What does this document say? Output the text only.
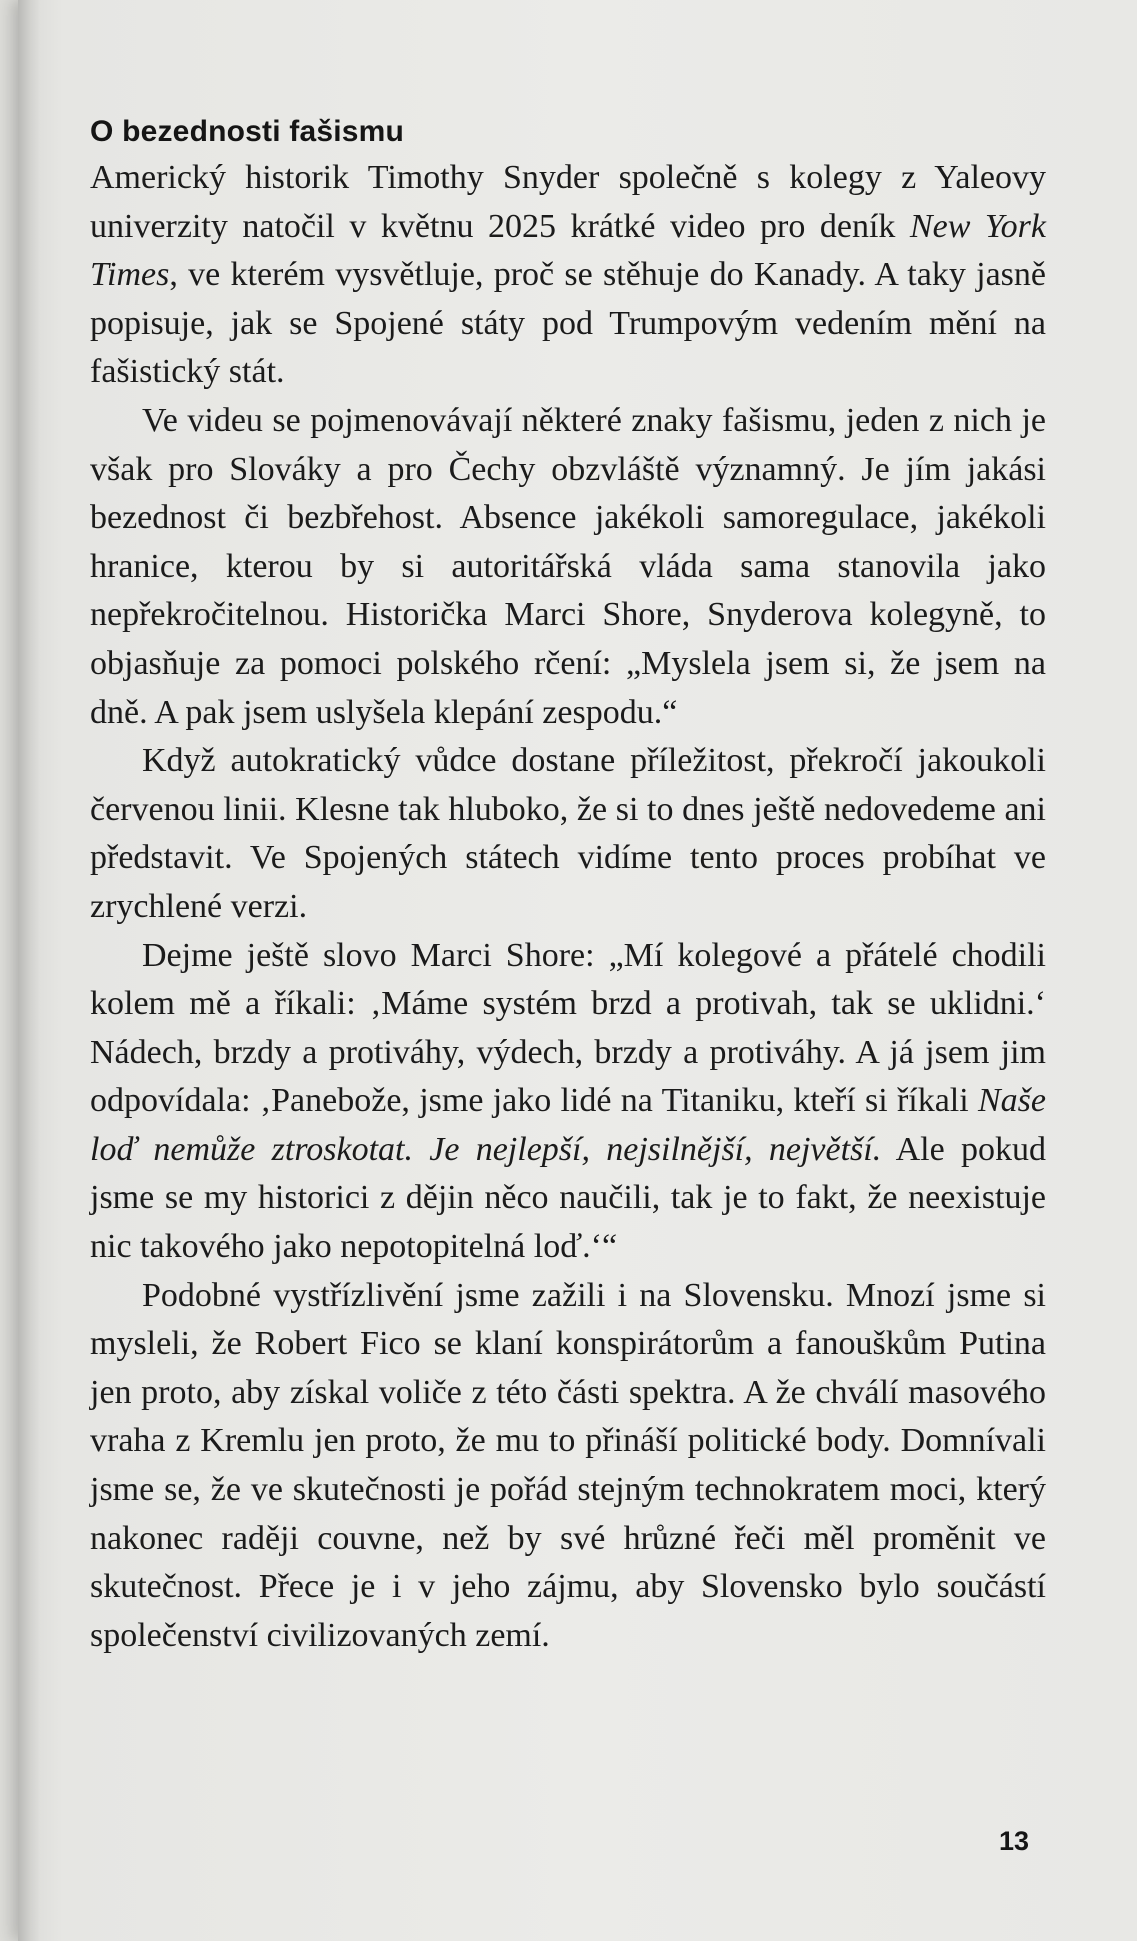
O bezednosti fašismu

Americký historik Timothy Snyder společně s kolegy z Yaleovy univerzity natočil v květnu 2025 krátké video pro deník New York Times, ve kterém vysvětluje, proč se stěhuje do Kanady. A taky jasně popisuje, jak se Spojené státy pod Trumpovým vedením mění na fašistický stát.

Ve videu se pojmenovávají některé znaky fašismu, jeden z nich je však pro Slováky a pro Čechy obzvláště významný. Je jím jakási bezednost či bezbřehost. Absence jakékoli samoregulace, jakékoli hranice, kterou by si autoritářská vláda sama stanovila jako nepřekročitelnou. Historička Marci Shore, Snyderova kolegyně, to objasňuje za pomoci polského rčení: „Myslela jsem si, že jsem na dně. A pak jsem uslyšela klepání zespodu.“

Když autokratický vůdce dostane příležitost, překročí jakoukoli červenou linii. Klesne tak hluboko, že si to dnes ještě nedovedeme ani představit. Ve Spojených státech vidíme tento proces probíhat ve zrychlené verzi.

Dejme ještě slovo Marci Shore: „Mí kolegové a přátelé chodili kolem mě a říkali: ‚Máme systém brzd a protivah, tak se uklidni.‘ Nádech, brzdy a protiváhy, výdech, brzdy a protiváhy. A já jsem jim odpovídala: ‚Panebože, jsme jako lidé na Titaniku, kteří si říkali Naše loď nemůže ztroskotat. Je nejlepší, nejsilnější, největší. Ale pokud jsme se my historici z dějin něco naučili, tak je to fakt, že neexistuje nic takového jako nepotopitelná loď.‘“

Podobné vystřízlivění jsme zažili i na Slovensku. Mnozí jsme si mysleli, že Robert Fico se klaní konspirátorům a fanouškům Putina jen proto, aby získal voliče z této části spektra. A že chválí masového vraha z Kremlu jen proto, že mu to přináší politické body. Domnívali jsme se, že ve skutečnosti je pořád stejným technokratem moci, který nakonec raději couvne, než by své hrůzné řeči měl proměnit ve skutečnost. Přece je i v jeho zájmu, aby Slovensko bylo součástí společenství civilizovaných zemí.

13
